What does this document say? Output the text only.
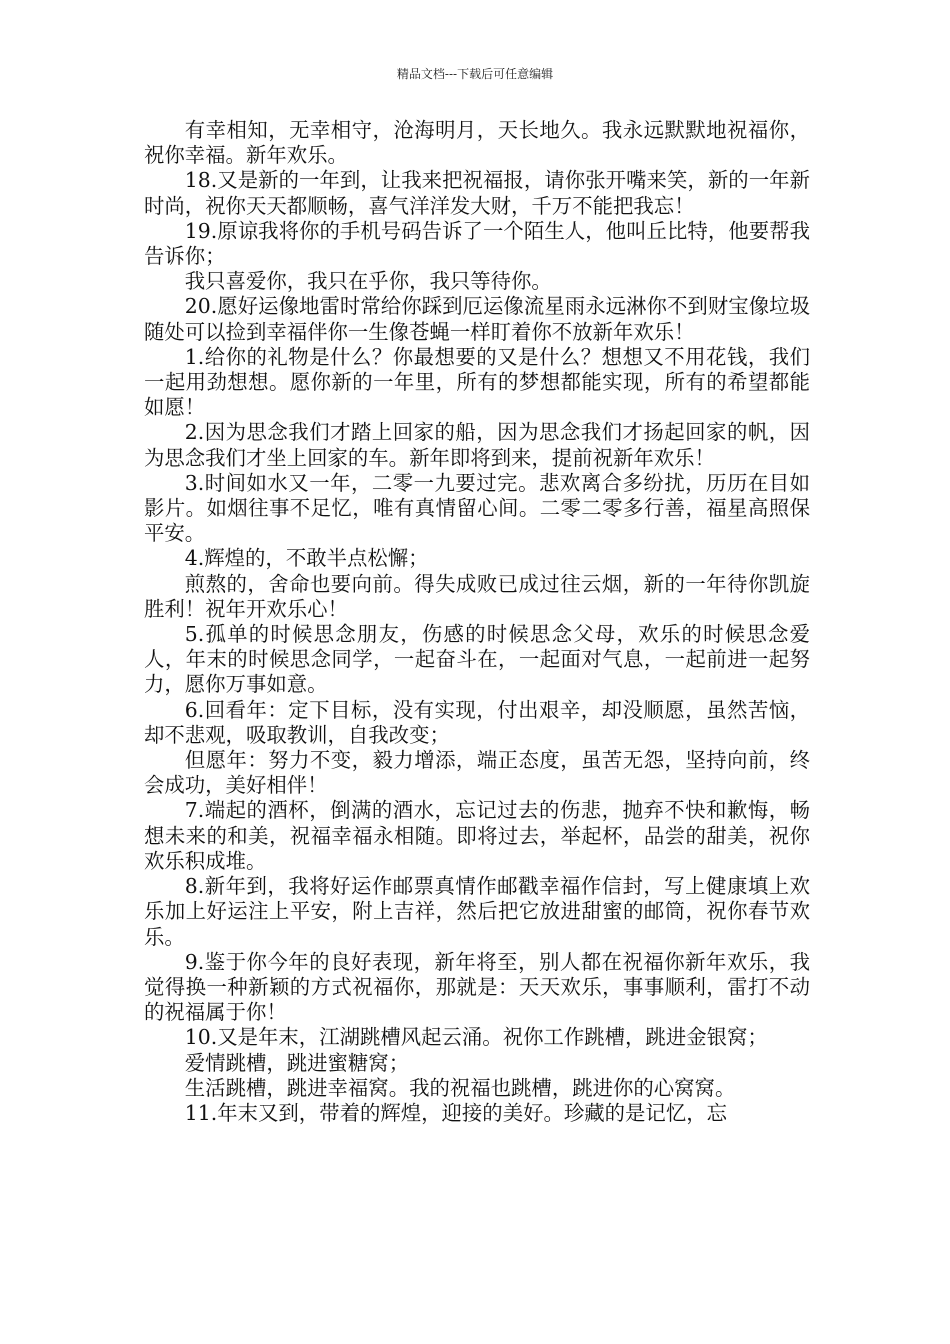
精品文档---下载后可任意编辑

有幸相知，无幸相守，沧海明月，天长地久。我永远默默地祝福你，祝你幸福。新年欢乐。

18.又是新的一年到，让我来把祝福报，请你张开嘴来笑，新的一年新时尚，祝你天天都顺畅，喜气洋洋发大财，千万不能把我忘！

19.原谅我将你的手机号码告诉了一个陌生人，他叫丘比特，他要帮我告诉你；

我只喜爱你，我只在乎你，我只等待你。

20.愿好运像地雷时常给你踩到厄运像流星雨永远淋你不到财宝像垃圾随处可以捡到幸福伴你一生像苍蝇一样盯着你不放新年欢乐！

1.给你的礼物是什么？你最想要的又是什么？想想又不用花钱，我们一起用劲想想。愿你新的一年里，所有的梦想都能实现，所有的希望都能如愿！

2.因为思念我们才踏上回家的船，因为思念我们才扬起回家的帆，因为思念我们才坐上回家的车。新年即将到来，提前祝新年欢乐！

3.时间如水又一年，二零一九要过完。悲欢离合多纷扰，历历在目如影片。如烟往事不足忆，唯有真情留心间。二零二零多行善，福星高照保平安。

4.辉煌的，不敢半点松懈；

煎熬的，舍命也要向前。得失成败已成过往云烟，新的一年待你凯旋胜利！祝年开欢乐心！

5.孤单的时候思念朋友，伤感的时候思念父母，欢乐的时候思念爱人，年末的时候思念同学，一起奋斗在，一起面对气息，一起前进一起努力，愿你万事如意。

6.回看年：定下目标，没有实现，付出艰辛，却没顺愿，虽然苦恼，却不悲观，吸取教训，自我改变；

但愿年：努力不变，毅力增添，端正态度，虽苦无怨，坚持向前，终会成功，美好相伴！

7.端起的酒杯，倒满的酒水，忘记过去的伤悲，抛弃不快和歉悔，畅想未来的和美，祝福幸福永相随。即将过去，举起杯，品尝的甜美，祝你欢乐积成堆。

8.新年到，我将好运作邮票真情作邮戳幸福作信封，写上健康填上欢乐加上好运注上平安，附上吉祥，然后把它放进甜蜜的邮筒，祝你春节欢乐。

9.鉴于你今年的良好表现，新年将至，别人都在祝福你新年欢乐，我觉得换一种新颖的方式祝福你，那就是：天天欢乐，事事顺利，雷打不动的祝福属于你！

10.又是年末，江湖跳槽风起云涌。祝你工作跳槽，跳进金银窝；

爱情跳槽，跳进蜜糖窝；

生活跳槽，跳进幸福窝。我的祝福也跳槽，跳进你的心窝窝。

11.年末又到，带着的辉煌，迎接的美好。珍藏的是记忆，忘
